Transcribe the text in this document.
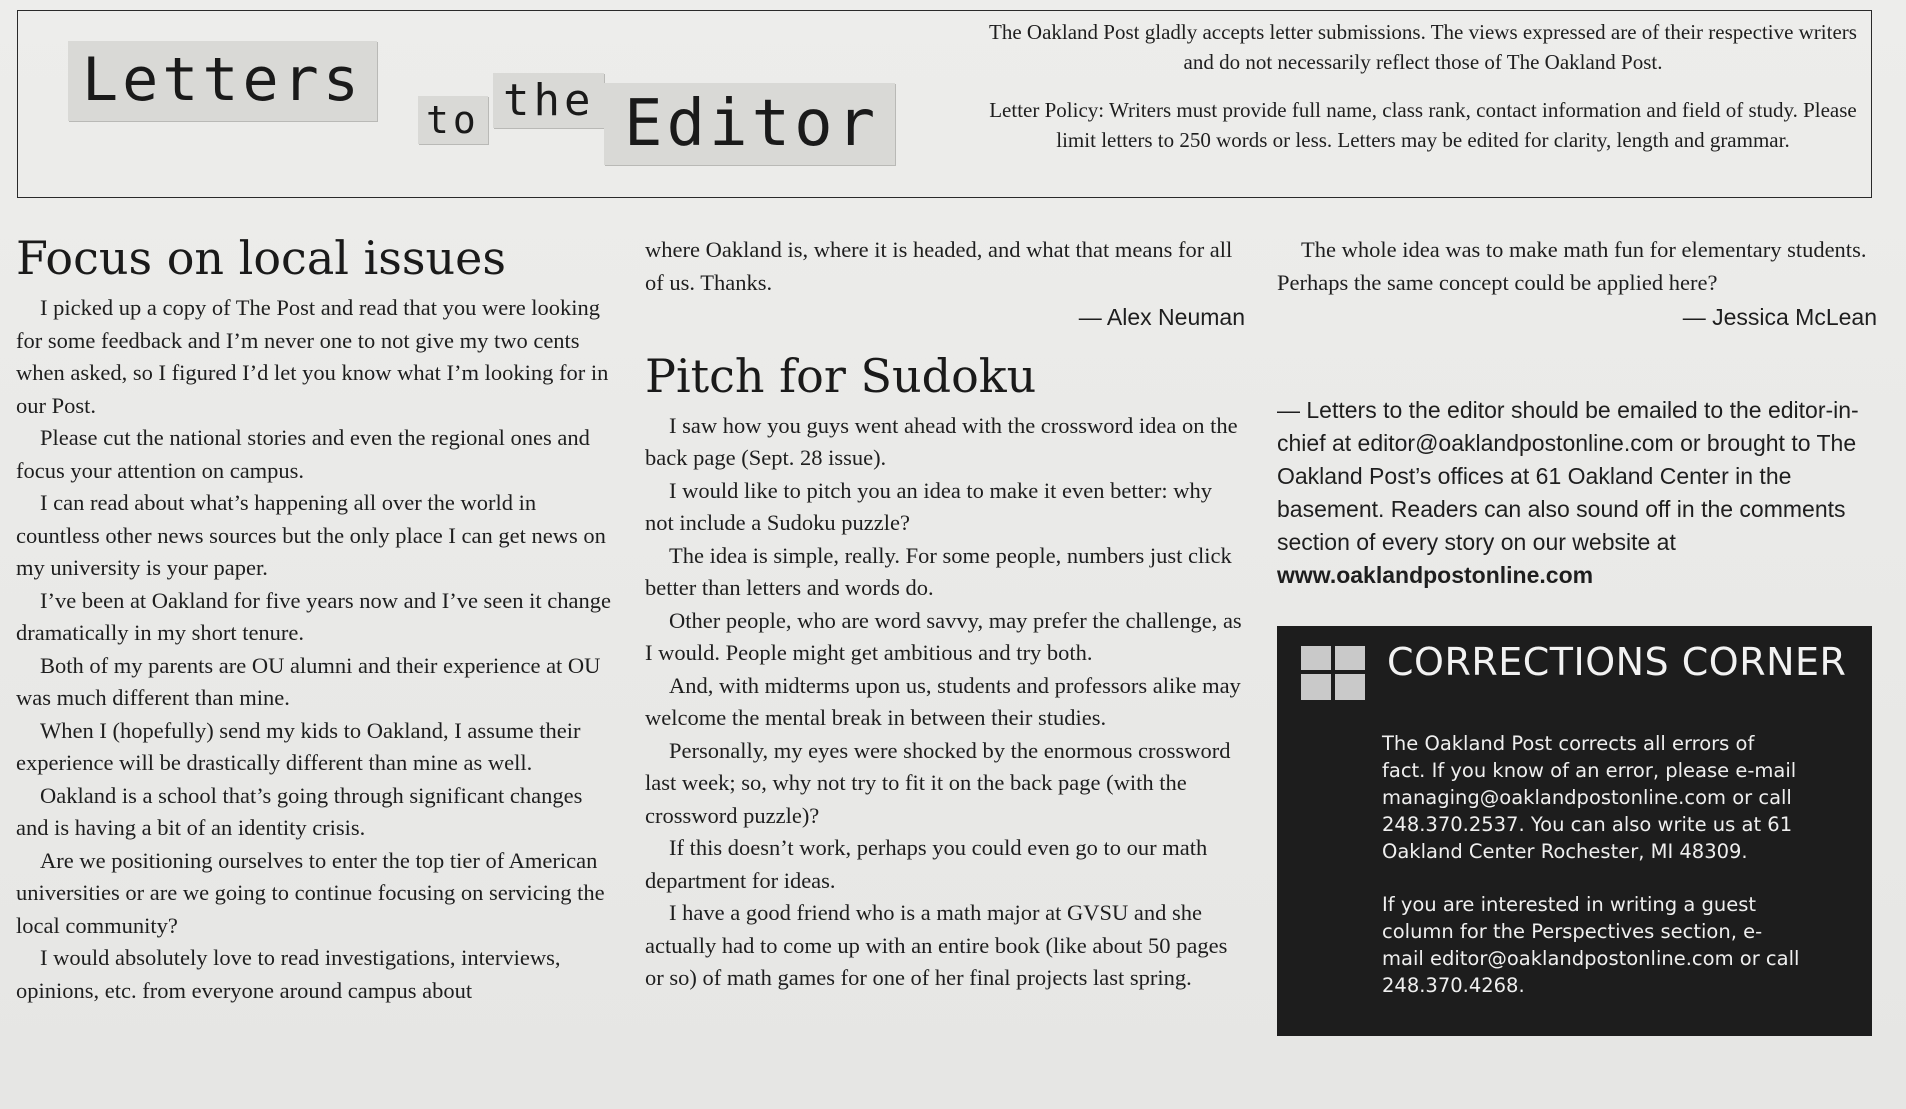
Letters
to the Editor

The Oakland Post gladly accepts letter submissions. The views expressed are of their respective writers and do not necessarily reflect those of The Oakland Post.

Letter Policy: Writers must provide full name, class rank, contact information and field of study. Please limit letters to 250 words or less. Letters may be edited for clarity, length and grammar.

Focus on local issues

I picked up a copy of The Post and read that you were looking for some feedback and I’m never one to not give my two cents when asked, so I figured I’d let you know what I’m looking for in our Post.

Please cut the national stories and even the regional ones and focus your attention on campus.

I can read about what’s happening all over the world in countless other news sources but the only place I can get news on my university is your paper.

I’ve been at Oakland for five years now and I’ve seen it change dramatically in my short tenure.

Both of my parents are OU alumni and their experience at OU was much different than mine.

When I (hopefully) send my kids to Oakland, I assume their experience will be drastically different than mine as well.

Oakland is a school that’s going through significant changes and is having a bit of an identity crisis.

Are we positioning ourselves to enter the top tier of American universities or are we going to continue focusing on servicing the local community?

I would absolutely love to read investigations, interviews, opinions, etc. from everyone around campus about

where Oakland is, where it is headed, and what that means for all of us. Thanks.

— Alex Neuman
Pitch for Sudoku

I saw how you guys went ahead with the crossword idea on the back page (Sept. 28 issue).

I would like to pitch you an idea to make it even better: why not include a Sudoku puzzle?

The idea is simple, really. For some people, numbers just click better than letters and words do.

Other people, who are word savvy, may prefer the challenge, as I would. People might get ambitious and try both.

And, with midterms upon us, students and professors alike may welcome the mental break in between their studies.

Personally, my eyes were shocked by the enormous crossword last week; so, why not try to fit it on the back page (with the crossword puzzle)?

If this doesn’t work, perhaps you could even go to our math department for ideas.

I have a good friend who is a math major at GVSU and she actually had to come up with an entire book (like about 50 pages or so) of math games for one of her final projects last spring.

The whole idea was to make math fun for elementary students. Perhaps the same concept could be applied here?

— Jessica McLean
— Letters to the editor should be emailed to the editor-in-chief at editor@oaklandpostonline.com or brought to The Oakland Post’s offices at 61 Oakland Center in the basement. Readers can also sound off in the comments section of every story on our website at www.oaklandpostonline.com
CORRECTIONS CORNER

The Oakland Post corrects all errors of fact. If you know of an error, please e-mail managing@oaklandpostonline.com or call 248.370.2537. You can also write us at 61 Oakland Center Rochester, MI 48309.

If you are interested in writing a guest column for the Perspectives section, e-mail editor@oaklandpostonline.com or call 248.370.4268.
